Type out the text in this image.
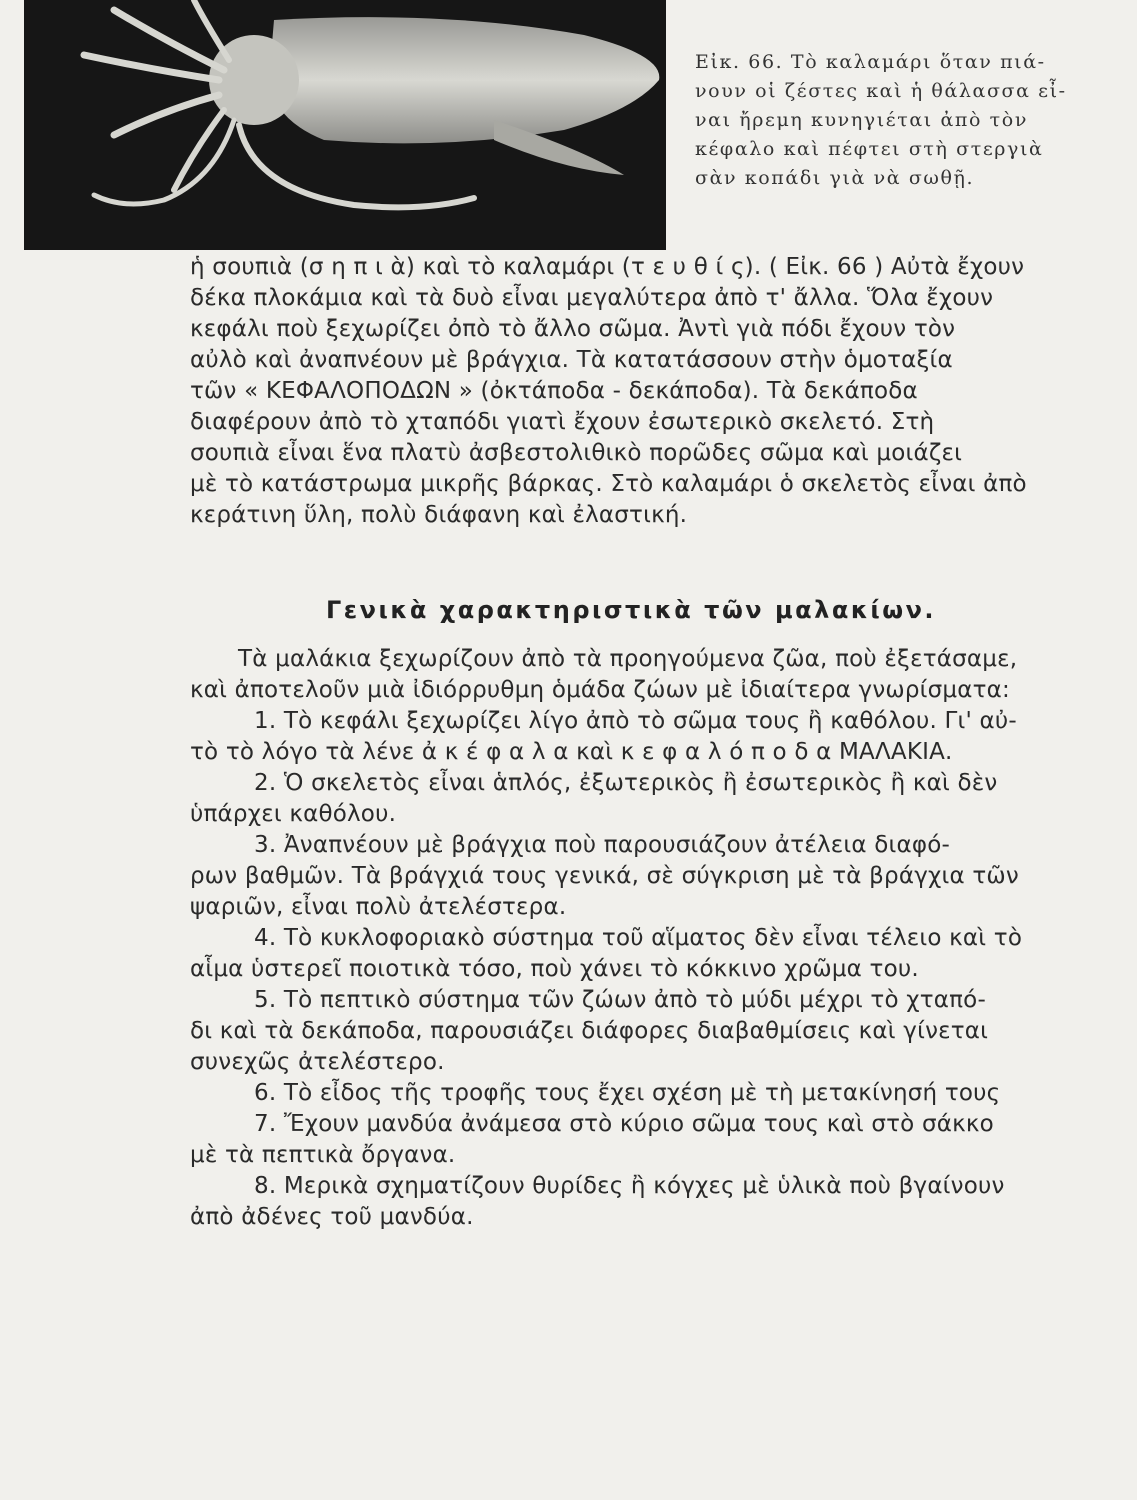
Εἰκ. 66. Τὸ καλαμάρι ὅταν πιά-
νουν οἱ ζέστες καὶ ἡ θάλασσα εἶ-
ναι ἤρεμη κυνηγιέται ἀπὸ τὸν
κέφαλο καὶ πέφτει στὴ στεργιὰ
σὰν κοπάδι γιὰ νὰ σωθῇ.
ἡ σουπιὰ (σ η π ι ὰ) καὶ τὸ καλαμάρι (τ ε υ θ ί ς). ( Εἰκ. 66 ) Αὐτὰ ἔχουν
δέκα πλοκάμια καὶ τὰ δυὸ εἶναι μεγαλύτερα ἀπὸ τ' ἄλλα. Ὅλα ἔχουν
κεφάλι ποὺ ξεχωρίζει ὀπὸ τὸ ἄλλο σῶμα. Ἀντὶ γιὰ πόδι ἔχουν τὸν
αὐλὸ καὶ ἀναπνέουν μὲ βράγχια. Τὰ κατατάσσουν στὴν ὁμοταξία
τῶν « ΚΕΦΑΛΟΠΟΔΩΝ » (ὀκτάποδα - δεκάποδα). Τὰ δεκάποδα
διαφέρουν ἀπὸ τὸ χταπόδι γιατὶ ἔχουν ἐσωτερικὸ σκελετό. Στὴ
σουπιὰ εἶναι ἕνα πλατὺ ἀσβεστολιθικὸ πορῶδες σῶμα καὶ μοιάζει
μὲ τὸ κατάστρωμα μικρῆς βάρκας. Στὸ καλαμάρι ὁ σκελετὸς εἶναι ἀπὸ
κεράτινη ὕλη, πολὺ διάφανη καὶ ἐλαστική.
Γενικὰ χαρακτηριστικὰ τῶν μαλακίων.
Τὰ μαλάκια ξεχωρίζουν ἀπὸ τὰ προηγούμενα ζῶα, ποὺ ἐξετάσαμε,
καὶ ἀποτελοῦν μιὰ ἰδιόρρυθμη ὁμάδα ζώων μὲ ἰδιαίτερα γνωρίσματα:
1. Τὸ κεφάλι ξεχωρίζει λίγο ἀπὸ τὸ σῶμα τους ἢ καθόλου. Γι' αὐ-
τὸ τὸ λόγο τὰ λένε ἀ κ έ φ α λ α καὶ κ ε φ α λ ό π ο δ α ΜΑΛΑΚΙΑ.
2. Ὁ σκελετὸς εἶναι ἁπλός, ἐξωτερικὸς ἢ ἐσωτερικὸς ἢ καὶ δὲν
ὑπάρχει καθόλου.
3. Ἀναπνέουν μὲ βράγχια ποὺ παρουσιάζουν ἀτέλεια διαφό-
ρων βαθμῶν. Τὰ βράγχιά τους γενικά, σὲ σύγκριση μὲ τὰ βράγχια τῶν
ψαριῶν, εἶναι πολὺ ἀτελέστερα.
4. Τὸ κυκλοφοριακὸ σύστημα τοῦ αἵματος δὲν εἶναι τέλειο καὶ τὸ
αἷμα ὑστερεῖ ποιοτικὰ τόσο, ποὺ χάνει τὸ κόκκινο χρῶμα του.
5. Τὸ πεπτικὸ σύστημα τῶν ζώων ἀπὸ τὸ μύδι μέχρι τὸ χταπό-
δι καὶ τὰ δεκάποδα, παρουσιάζει διάφορες διαβαθμίσεις καὶ γίνεται
συνεχῶς ἀτελέστερο.
6. Τὸ εἶδος τῆς τροφῆς τους ἔχει σχέση μὲ τὴ μετακίνησή τους
7. Ἔχουν μανδύα ἀνάμεσα στὸ κύριο σῶμα τους καὶ στὸ σάκκο
μὲ τὰ πεπτικὰ ὄργανα.
8. Μερικὰ σχηματίζουν θυρίδες ἢ κόγχες μὲ ὑλικὰ ποὺ βγαίνουν
ἀπὸ ἀδένες τοῦ μανδύα.
